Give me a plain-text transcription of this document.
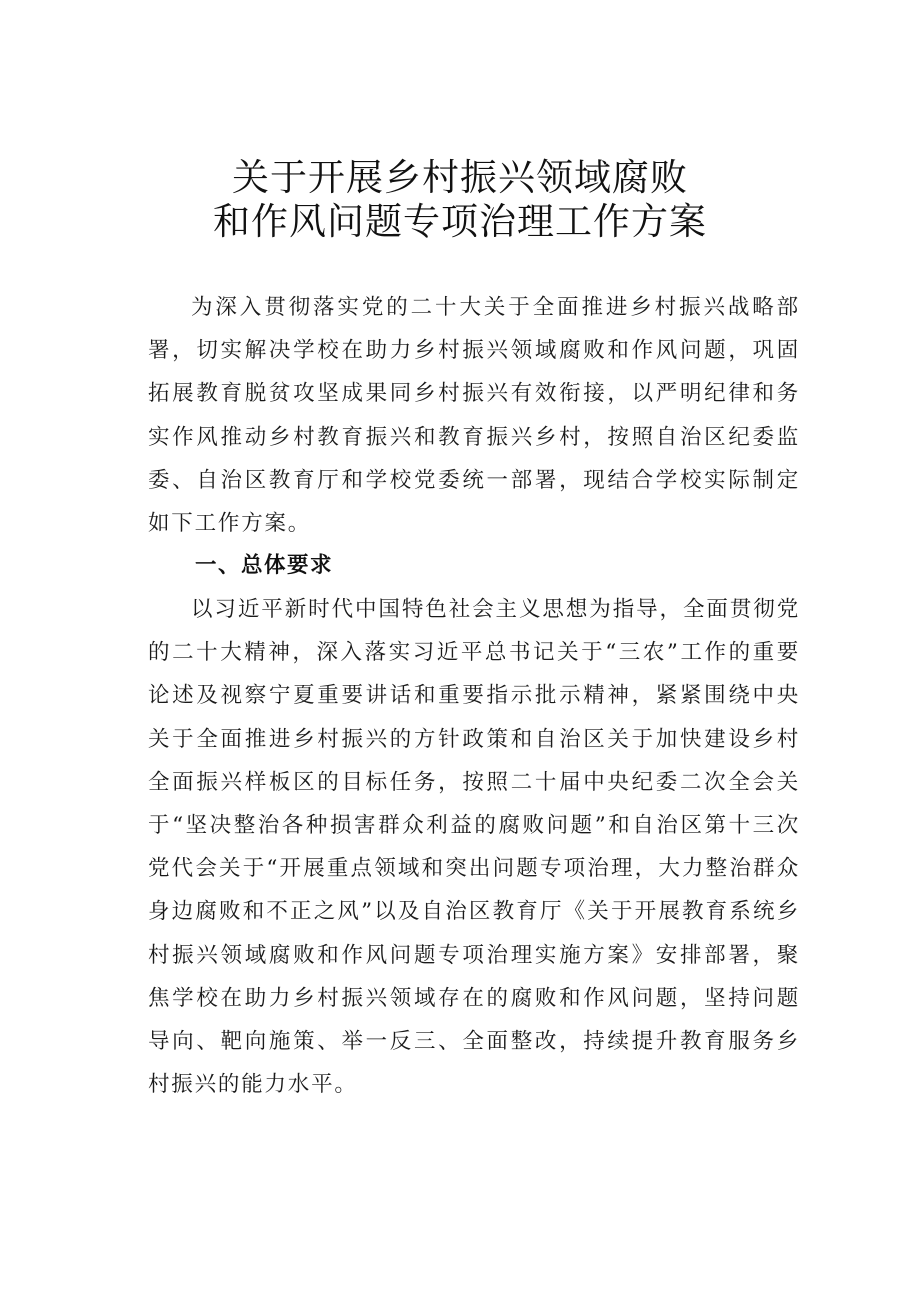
关于开展乡村振兴领域腐败
和作风问题专项治理工作方案

为深入贯彻落实党的二十大关于全面推进乡村振兴战略部署，切实解决学校在助力乡村振兴领域腐败和作风问题，巩固拓展教育脱贫攻坚成果同乡村振兴有效衔接，以严明纪律和务实作风推动乡村教育振兴和教育振兴乡村，按照自治区纪委监委、自治区教育厅和学校党委统一部署，现结合学校实际制定如下工作方案。

一、总体要求

以习近平新时代中国特色社会主义思想为指导，全面贯彻党的二十大精神，深入落实习近平总书记关于“三农”工作的重要论述及视察宁夏重要讲话和重要指示批示精神，紧紧围绕中央关于全面推进乡村振兴的方针政策和自治区关于加快建设乡村全面振兴样板区的目标任务，按照二十届中央纪委二次全会关于“坚决整治各种损害群众利益的腐败问题”和自治区第十三次党代会关于“开展重点领域和突出问题专项治理，大力整治群众身边腐败和不正之风”以及自治区教育厅《关于开展教育系统乡村振兴领域腐败和作风问题专项治理实施方案》安排部署，聚焦学校在助力乡村振兴领域存在的腐败和作风问题，坚持问题导向、靶向施策、举一反三、全面整改，持续提升教育服务乡村振兴的能力水平。
